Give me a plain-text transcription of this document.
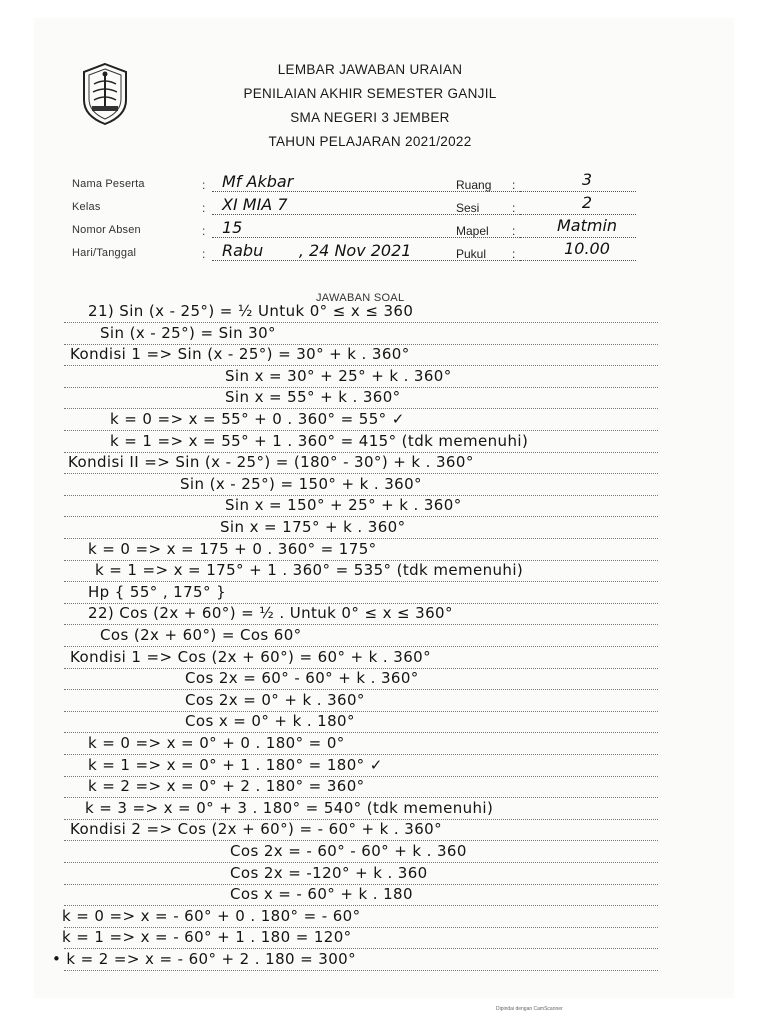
LEMBAR JAWABAN URAIAN
PENILAIAN AKHIR SEMESTER GANJIL
SMA NEGERI 3 JEMBER
TAHUN PELAJARAN 2021/2022
Nama Peserta	: Mf Akbar	Ruang :	3
Kelas	: XI MIA 7	Sesi	:	2
Nomor Absen	: 15	Mapel :	Matmin
Hari/Tanggal	: Rabu       , 24 Nov 2021	Pukul :	10.00
JAWABAN SOAL
21) Sin (x - 25°) = ½ Untuk 0° ≤ x ≤ 360
Sin (x - 25°) = Sin 30°
Kondisi 1 => Sin (x - 25°) = 30° + k . 360°
Sin x = 30° + 25° + k . 360°
Sin x = 55° + k . 360°
k = 0 => x = 55° + 0 . 360° = 55° ✓
k = 1 => x = 55° + 1 . 360° = 415° (tdk memenuhi)
Kondisi II => Sin (x - 25°) = (180° - 30°) + k . 360°
Sin (x - 25°) = 150° + k . 360°
Sin x = 150° + 25° + k . 360°
Sin x = 175° + k . 360°
k = 0 => x = 175 + 0 . 360° = 175°
k = 1 => x = 175° + 1 . 360° = 535° (tdk memenuhi)
Hp { 55° , 175° }
22) Cos (2x + 60°) = ½ . Untuk 0° ≤ x ≤ 360°
Cos (2x + 60°) = Cos 60°
Kondisi 1 => Cos (2x + 60°) = 60° + k . 360°
Cos 2x = 60° - 60° + k . 360°
Cos 2x = 0° + k . 360°
Cos x = 0° + k . 180°
k = 0 => x = 0° + 0 . 180° = 0°
k = 1 => x = 0° + 1 . 180° = 180° ✓
k = 2 => x = 0° + 2 . 180° = 360°
k = 3 => x = 0° + 3 . 180° = 540° (tdk memenuhi)
Kondisi 2 => Cos (2x + 60°) = - 60° + k . 360°
Cos 2x = - 60° - 60° + k . 360
Cos 2x = -120° + k . 360
Cos x = - 60° + k . 180
k = 0 => x = - 60° + 0 . 180° = - 60°
k = 1 => x = - 60° + 1 . 180 = 120°
• k = 2 => x = - 60° + 2 . 180 = 300°
Dipindai dengan CamScanner
